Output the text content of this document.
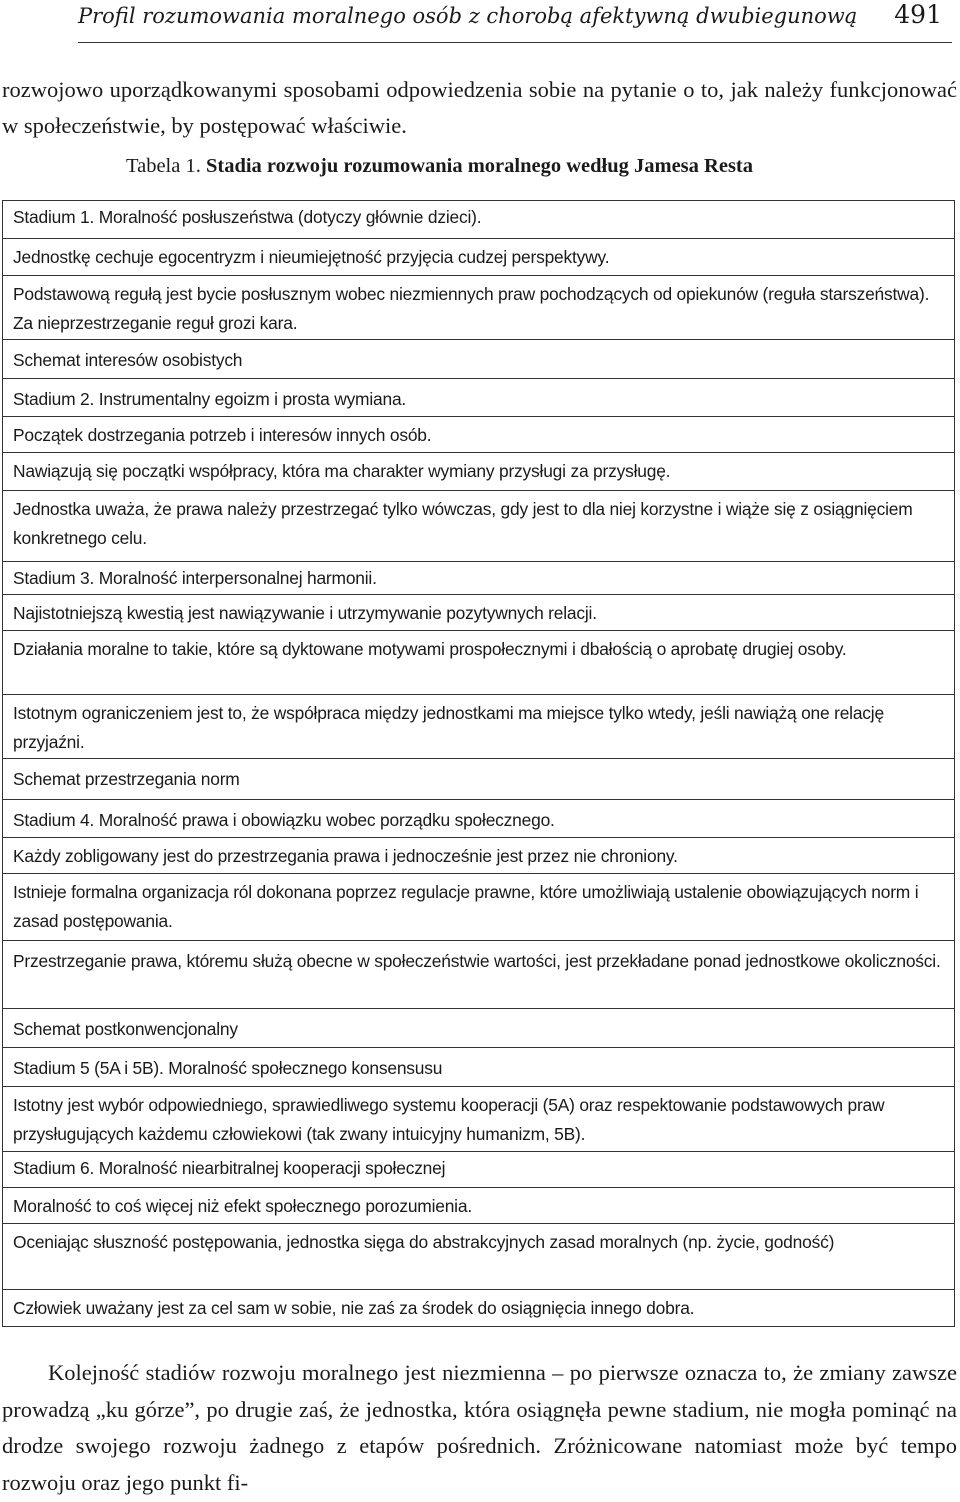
Profil rozumowania moralnego osób z chorobą afektywną dwubiegunową 491

rozwojowo uporządkowanymi sposobami odpowiedzenia sobie na pytanie o to, jak należy funkcjonować w społeczeństwie, by postępować właściwie.

Tabela 1. Stadia rozwoju rozumowania moralnego według Jamesa Resta
Stadium 1. Moralność posłuszeństwa (dotyczy głównie dzieci).
Jednostkę cechuje egocentryzm i nieumiejętność przyjęcia cudzej perspektywy.
Podstawową regułą jest bycie posłusznym wobec niezmiennych praw pochodzących od opiekunów (reguła starszeństwa). Za nieprzestrzeganie reguł grozi kara.
Schemat interesów osobistych
Stadium 2. Instrumentalny egoizm i prosta wymiana.
Początek dostrzegania potrzeb i interesów innych osób.
Nawiązują się początki współpracy, która ma charakter wymiany przysługi za przysługę.
Jednostka uważa, że prawa należy przestrzegać tylko wówczas, gdy jest to dla niej korzystne i wiąże się z osiągnięciem konkretnego celu.
Stadium 3. Moralność interpersonalnej harmonii.
Najistotniejszą kwestią jest nawiązywanie i utrzymywanie pozytywnych relacji.
Działania moralne to takie, które są dyktowane motywami prospołecznymi i dbałością o aprobatę drugiej osoby.
Istotnym ograniczeniem jest to, że współpraca między jednostkami ma miejsce tylko wtedy, jeśli nawiążą one relację przyjaźni.
Schemat przestrzegania norm
Stadium 4. Moralność prawa i obowiązku wobec porządku społecznego.
Każdy zobligowany jest do przestrzegania prawa i jednocześnie jest przez nie chroniony.
Istnieje formalna organizacja ról dokonana poprzez regulacje prawne, które umożliwiają ustalenie obowiązujących norm i zasad postępowania.
Przestrzeganie prawa, któremu służą obecne w społeczeństwie wartości, jest przekładane ponad jednostkowe okoliczności.
Schemat postkonwencjonalny
Stadium 5 (5A i 5B). Moralność społecznego konsensusu
Istotny jest wybór odpowiedniego, sprawiedliwego systemu kooperacji (5A) oraz respektowanie podstawowych praw przysługujących każdemu człowiekowi (tak zwany intuicyjny humanizm, 5B).
Stadium 6. Moralność niearbitralnej kooperacji społecznej
Moralność to coś więcej niż efekt społecznego porozumienia.
Oceniając słuszność postępowania, jednostka sięga do abstrakcyjnych zasad moralnych (np. życie, godność)
Człowiek uważany jest za cel sam w sobie, nie zaś za środek do osiągnięcia innego dobra.

Kolejność stadiów rozwoju moralnego jest niezmienna – po pierwsze oznacza to, że zmiany zawsze prowadzą „ku górze”, po drugie zaś, że jednostka, która osiągnęła pewne stadium, nie mogła pominąć na drodze swojego rozwoju żadnego z etapów pośrednich. Zróżnicowane natomiast może być tempo rozwoju oraz jego punkt fi-
